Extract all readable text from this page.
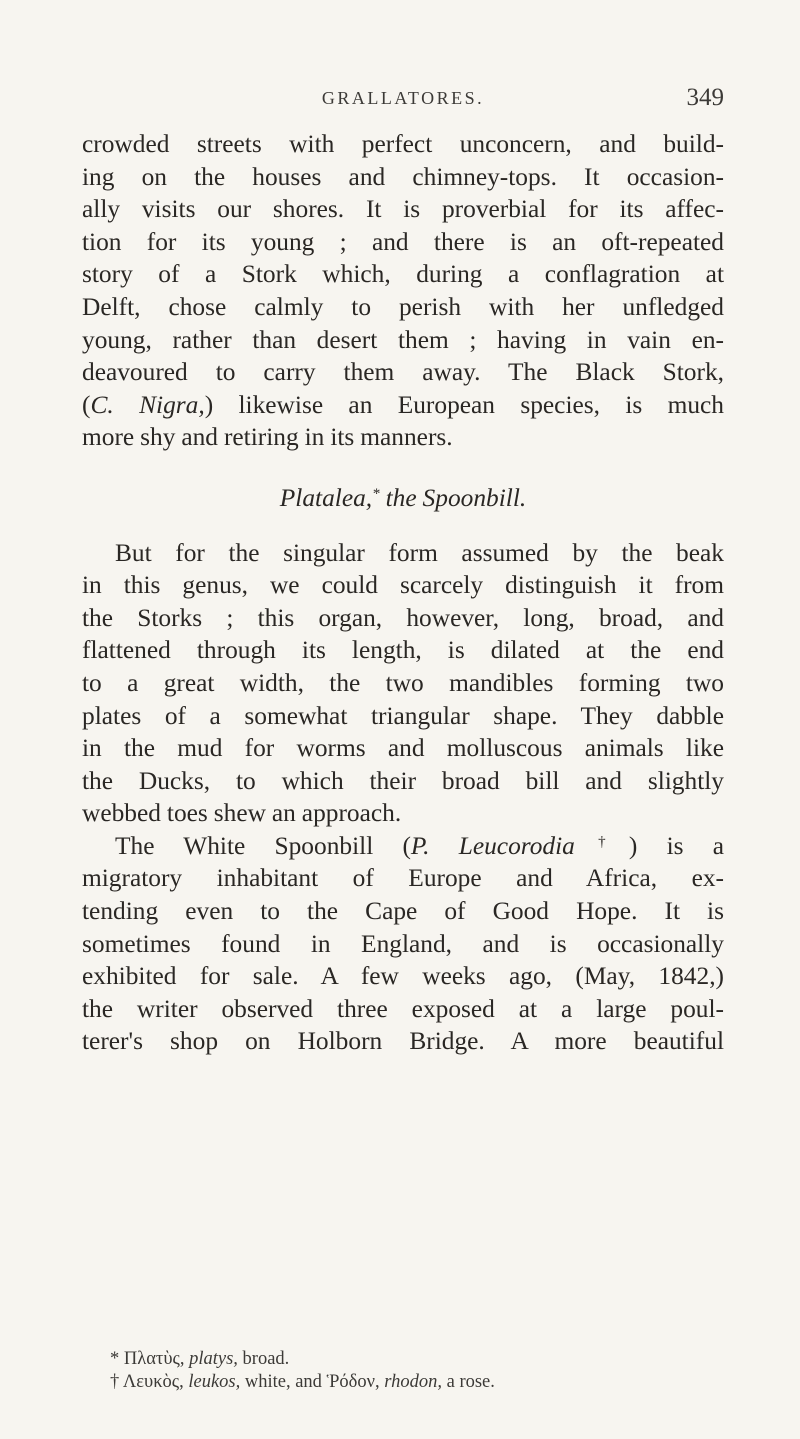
GRALLATORES.	349
crowded streets with perfect unconcern, and build-
ing on the houses and chimney-tops. It occasion-
ally visits our shores. It is proverbial for its affec-
tion for its young ; and there is an oft-repeated
story of a Stork which, during a conflagration at
Delft, chose calmly to perish with her unfledged
young, rather than desert them ; having in vain en-
deavoured to carry them away. The Black Stork,
(C. Nigra,) likewise an European species, is much
more shy and retiring in its manners.
Platalea,* the Spoonbill.
But for the singular form assumed by the beak
in this genus, we could scarcely distinguish it from
the Storks ; this organ, however, long, broad, and
flattened through its length, is dilated at the end
to a great width, the two mandibles forming two
plates of a somewhat triangular shape. They dabble
in the mud for worms and molluscous animals like
the Ducks, to which their broad bill and slightly
webbed toes shew an approach.
The White Spoonbill (P. Leucorodia†) is a
migratory inhabitant of Europe and Africa, ex-
tending even to the Cape of Good Hope. It is
sometimes found in England, and is occasionally
exhibited for sale. A few weeks ago, (May, 1842,)
the writer observed three exposed at a large poul-
terer's shop on Holborn Bridge. A more beautiful
* Πλατὺς, platys, broad.
† Λευκὸς, leukos, white, and Ῥόδον, rhodon, a rose.
